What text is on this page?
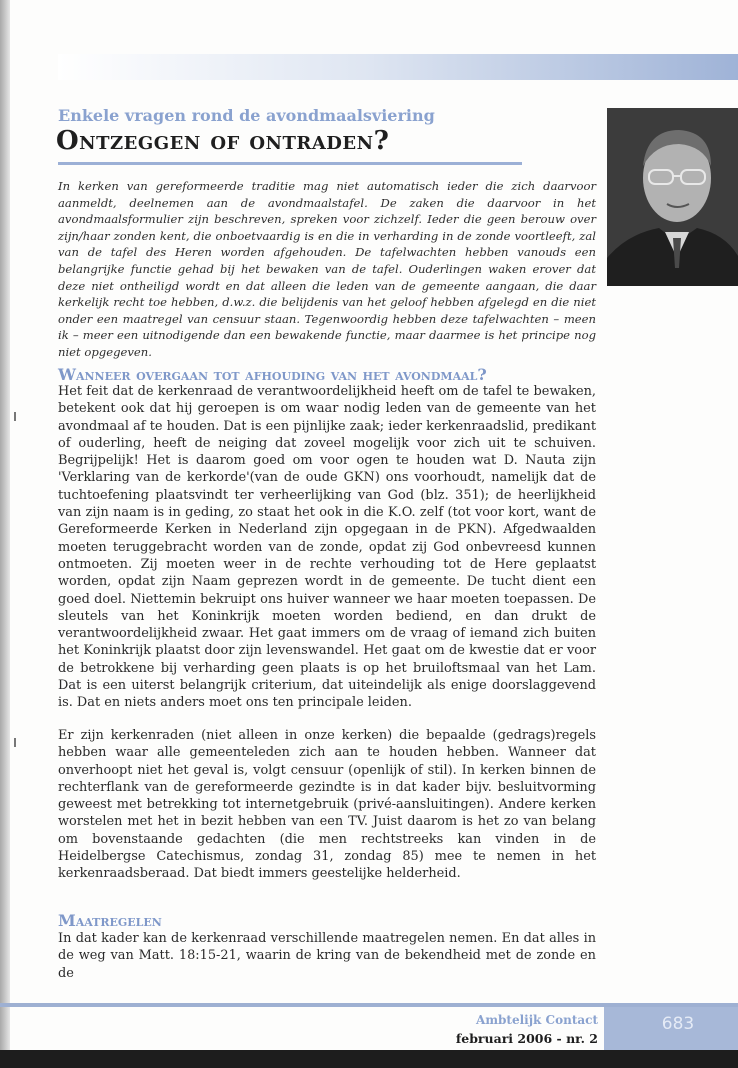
Enkele vragen rond de avondmaalsviering
Ontzeggen of ontraden?

In kerken van gereformeerde traditie mag niet automatisch ieder die zich daarvoor aanmeldt, deelnemen aan de avondmaalstafel. De zaken die daarvoor in het avondmaalsformulier zijn beschreven, spreken voor zichzelf. Ieder die geen berouw over zijn/haar zonden kent, die onboetvaardig is en die in verharding in de zonde voortleeft, zal van de tafel des Heren worden afgehouden. De tafelwachten hebben vanouds een belangrijke functie gehad bij het bewaken van de tafel. Ouderlingen waken erover dat deze niet ontheiligd wordt en dat alleen die leden van de gemeente aangaan, die daar kerkelijk recht toe hebben, d.w.z. die belijdenis van het geloof hebben afgelegd en die niet onder een maatregel van censuur staan. Tegenwoordig hebben deze tafelwachten – meen ik – meer een uitnodigende dan een bewakende functie, maar daarmee is het principe nog niet opgegeven.

Wanneer overgaan tot afhouding van het avondmaal?

Het feit dat de kerkenraad de verantwoordelijkheid heeft om de tafel te bewaken, betekent ook dat hij geroepen is om waar nodig leden van de gemeente van het avondmaal af te houden. Dat is een pijnlijke zaak; ieder kerkenraadslid, predikant of ouderling, heeft de neiging dat zoveel mogelijk voor zich uit te schuiven. Begrijpelijk! Het is daarom goed om voor ogen te houden wat D. Nauta zijn 'Verklaring van de kerkorde'(van de oude GKN) ons voorhoudt, namelijk dat de tuchtoefening plaatsvindt ter verheerlijking van God (blz. 351); de heerlijkheid van zijn naam is in geding, zo staat het ook in die K.O. zelf (tot voor kort, want de Gereformeerde Kerken in Nederland zijn opgegaan in de PKN). Afgedwaalden moeten teruggebracht worden van de zonde, opdat zij God onbevreesd kunnen ontmoeten. Zij moeten weer in de rechte verhouding tot de Here geplaatst worden, opdat zijn Naam geprezen wordt in de gemeente. De tucht dient een goed doel. Niettemin bekruipt ons huiver wanneer we haar moeten toepassen. De sleutels van het Koninkrijk moeten worden bediend, en dan drukt de verantwoordelijkheid zwaar. Het gaat immers om de vraag of iemand zich buiten het Koninkrijk plaatst door zijn levenswandel. Het gaat om de kwestie dat er voor de betrokkene bij verharding geen plaats is op het bruiloftsmaal van het Lam. Dat is een uiterst belangrijk criterium, dat uiteindelijk als enige doorslaggevend is. Dat en niets anders moet ons ten principale leiden.

Er zijn kerkenraden (niet alleen in onze kerken) die bepaalde (gedrags)regels hebben waar alle gemeenteleden zich aan te houden hebben. Wanneer dat onverhoopt niet het geval is, volgt censuur (openlijk of stil). In kerken binnen de rechterflank van de gereformeerde gezindte is in dat kader bijv. besluitvorming geweest met betrekking tot internetgebruik (privé-aansluitingen). Andere kerken worstelen met het in bezit hebben van een TV. Juist daarom is het zo van belang om bovenstaande gedachten (die men rechtstreeks kan vinden in de Heidelbergse Catechismus, zondag 31, zondag 85) mee te nemen in het kerkenraadsberaad. Dat biedt immers geestelijke helderheid.

Maatregelen

In dat kader kan de kerkenraad verschillende maatregelen nemen. En dat alles in de weg van Matt. 18:15-21, waarin de kring van de bekendheid met de zonde en de

Ambtelijk Contact
februari 2006 - nr. 2
683
